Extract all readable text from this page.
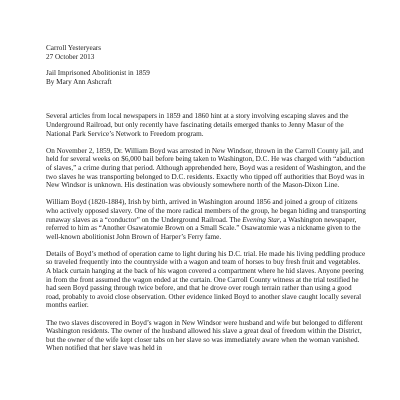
Carroll Yesteryears
27 October 2013
Jail Imprisoned Abolitionist in 1859
By Mary Ann Ashcraft

Several articles from local newspapers in 1859 and 1860 hint at a story involving escaping slaves and the Underground Railroad, but only recently have fascinating details emerged thanks to Jenny Masur of the National Park Service’s Network to Freedom program.

On November 2, 1859, Dr. William Boyd was arrested in New Windsor, thrown in the Carroll County jail, and held for several weeks on $6,000 bail before being taken to Washington, D.C. He was charged with “abduction of slaves,” a crime during that period. Although apprehended here, Boyd was a resident of Washington, and the two slaves he was transporting belonged to D.C. residents. Exactly who tipped off authorities that Boyd was in New Windsor is unknown. His destination was obviously somewhere north of the Mason-Dixon Line.

William Boyd (1820-1884), Irish by birth, arrived in Washington around 1856 and joined a group of citizens who actively opposed slavery. One of the more radical members of the group, he began hiding and transporting runaway slaves as a “conductor” on the Underground Railroad. The Evening Star, a Washington newspaper, referred to him as “Another Osawatomie Brown on a Small Scale.” Osawatomie was a nickname given to the well-known abolitionist John Brown of Harper’s Ferry fame.

Details of Boyd’s method of operation came to light during his D.C. trial. He made his living peddling produce so traveled frequently into the countryside with a wagon and team of horses to buy fresh fruit and vegetables. A black curtain hanging at the back of his wagon covered a compartment where he hid slaves. Anyone peering in from the front assumed the wagon ended at the curtain. One Carroll County witness at the trial testified he had seen Boyd passing through twice before, and that he drove over rough terrain rather than using a good road, probably to avoid close observation. Other evidence linked Boyd to another slave caught locally several months earlier.

The two slaves discovered in Boyd’s wagon in New Windsor were husband and wife but belonged to different Washington residents. The owner of the husband allowed his slave a great deal of freedom within the District, but the owner of the wife kept closer tabs on her slave so was immediately aware when the woman vanished. When notified that her slave was held in
